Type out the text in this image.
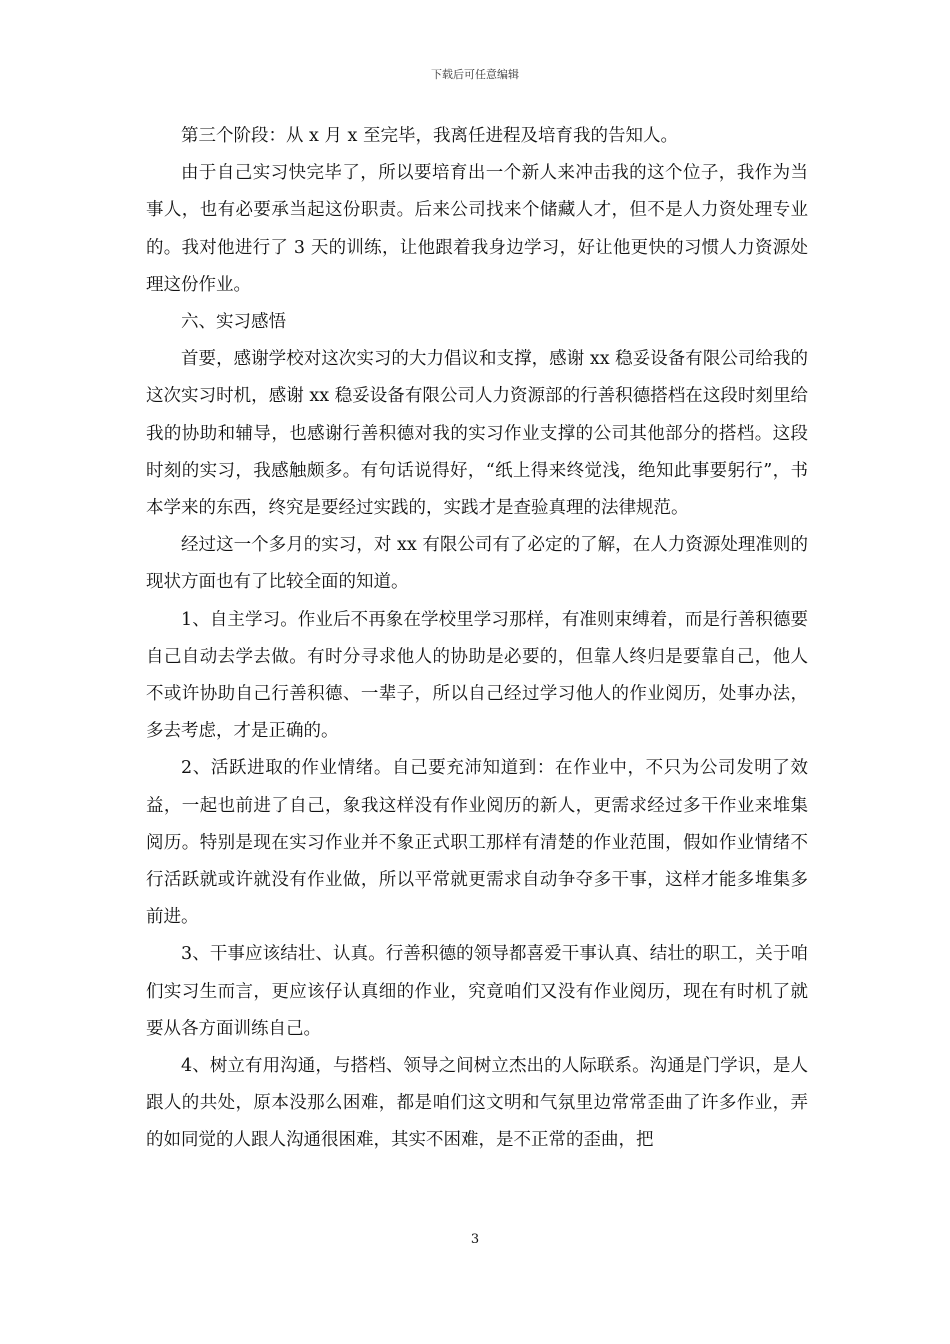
下载后可任意编辑

第三个阶段：从 x 月 x 至完毕，我离任进程及培育我的告知人。

由于自己实习快完毕了，所以要培育出一个新人来冲击我的这个位子，我作为当事人，也有必要承当起这份职责。后来公司找来个储藏人才，但不是人力资处理专业的。我对他进行了 3 天的训练，让他跟着我身边学习，好让他更快的习惯人力资源处理这份作业。

六、实习感悟

首要，感谢学校对这次实习的大力倡议和支撑，感谢 xx 稳妥设备有限公司给我的这次实习时机，感谢 xx 稳妥设备有限公司人力资源部的行善积德搭档在这段时刻里给我的协助和辅导，也感谢行善积德对我的实习作业支撑的公司其他部分的搭档。这段时刻的实习，我感触颇多。有句话说得好，“纸上得来终觉浅，绝知此事要躬行”，书本学来的东西，终究是要经过实践的，实践才是查验真理的法律规范。

经过这一个多月的实习，对 xx 有限公司有了必定的了解，在人力资源处理准则的现状方面也有了比较全面的知道。

1、自主学习。作业后不再象在学校里学习那样，有准则束缚着，而是行善积德要自己自动去学去做。有时分寻求他人的协助是必要的，但靠人终归是要靠自己，他人不或许协助自己行善积德、一辈子，所以自己经过学习他人的作业阅历，处事办法，多去考虑，才是正确的。

2、活跃进取的作业情绪。自己要充沛知道到：在作业中，不只为公司发明了效益，一起也前进了自己，象我这样没有作业阅历的新人，更需求经过多干作业来堆集阅历。特别是现在实习作业并不象正式职工那样有清楚的作业范围，假如作业情绪不行活跃就或许就没有作业做，所以平常就更需求自动争夺多干事，这样才能多堆集多前进。

3、干事应该结壮、认真。行善积德的领导都喜爱干事认真、结壮的职工，关于咱们实习生而言，更应该仔认真细的作业，究竟咱们又没有作业阅历，现在有时机了就要从各方面训练自己。

4、树立有用沟通，与搭档、领导之间树立杰出的人际联系。沟通是门学识，是人跟人的共处，原本没那么困难，都是咱们这文明和气氛里边常常歪曲了许多作业，弄的如同觉的人跟人沟通很困难，其实不困难，是不正常的歪曲，把

3
